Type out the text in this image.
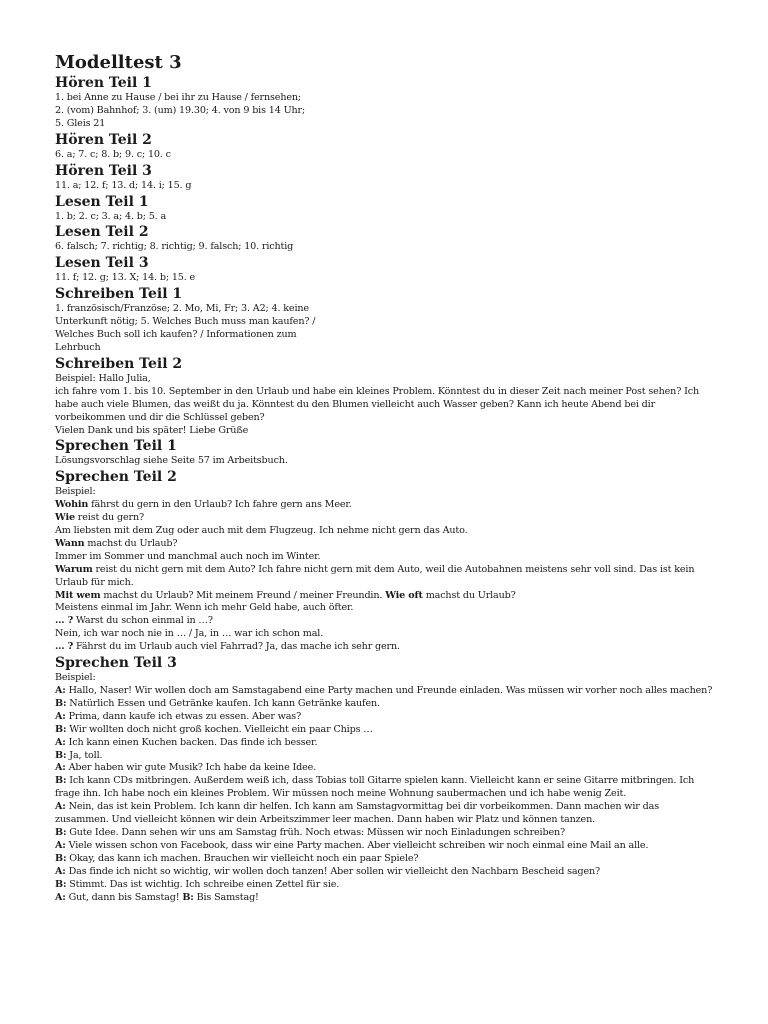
Modelltest 3
Hören Teil 1

1. bei Anne zu Hause / bei ihr zu Hause / fernsehen;

2. (vom) Bahnhof; 3. (um) 19.30; 4. von 9 bis 14 Uhr;

5. Gleis 21

Hören Teil 2

6. a; 7. c; 8. b; 9. c; 10. c

Hören Teil 3

11. a; 12. f; 13. d; 14. i; 15. g

Lesen Teil 1

1. b; 2. c; 3. a; 4. b; 5. a

Lesen Teil 2

6. falsch; 7. richtig; 8. richtig; 9. falsch; 10. richtig

Lesen Teil 3

11. f; 12. g; 13. X; 14. b; 15. e

Schreiben Teil 1

1. französisch/Französe; 2. Mo, Mi, Fr; 3. A2; 4. keine Unterkunft nötig; 5. Welches Buch muss man kaufen? / Welches Buch soll ich kaufen? / Informationen zum Lehrbuch

Schreiben Teil 2

Beispiel: Hallo Julia,

ich fahre vom 1. bis 10. September in den Urlaub und habe ein kleines Problem. Könntest du in dieser Zeit nach meiner Post sehen? Ich habe auch viele Blumen, das weißt du ja. Könntest du den Blumen vielleicht auch Wasser geben? Kann ich heute Abend bei dir vorbeikommen und dir die Schlüssel geben?

Vielen Dank und bis später! Liebe Grüße

Sprechen Teil 1

Lösungsvorschlag siehe Seite 57 im Arbeitsbuch.

Sprechen Teil 2

Beispiel:

Wohin fährst du gern in den Urlaub? Ich fahre gern ans Meer.

Wie reist du gern?

Am liebsten mit dem Zug oder auch mit dem Flugzeug. Ich nehme nicht gern das Auto.

Wann machst du Urlaub?

Immer im Sommer und manchmal auch noch im Winter.

Warum reist du nicht gern mit dem Auto? Ich fahre nicht gern mit dem Auto, weil die Autobahnen meistens sehr voll sind. Das ist kein Urlaub für mich.

Mit wem machst du Urlaub? Mit meinem Freund / meiner Freundin. Wie oft machst du Urlaub?

Meistens einmal im Jahr. Wenn ich mehr Geld habe, auch öfter.

… ? Warst du schon einmal in …?

Nein, ich war noch nie in … / Ja, in … war ich schon mal.

… ? Fährst du im Urlaub auch viel Fahrrad? Ja, das mache ich sehr gern.

Sprechen Teil 3

Beispiel:

A: Hallo, Naser! Wir wollen doch am Samstagabend eine Party machen und Freunde einladen. Was müssen wir vorher noch alles machen?

B: Natürlich Essen und Getränke kaufen. Ich kann Getränke kaufen.

A: Prima, dann kaufe ich etwas zu essen. Aber was?

B: Wir wollten doch nicht groß kochen. Vielleicht ein paar Chips …

A: Ich kann einen Kuchen backen. Das finde ich besser.

B: Ja, toll.

A: Aber haben wir gute Musik? Ich habe da keine Idee.

B: Ich kann CDs mitbringen. Außerdem weiß ich, dass Tobias toll Gitarre spielen kann. Vielleicht kann er seine Gitarre mitbringen. Ich frage ihn. Ich habe noch ein kleines Problem. Wir müssen noch meine Wohnung saubermachen und ich habe wenig Zeit.

A: Nein, das ist kein Problem. Ich kann dir helfen. Ich kann am Samstagvormittag bei dir vorbeikommen. Dann machen wir das zusammen. Und vielleicht können wir dein Arbeitszimmer leer machen. Dann haben wir Platz und können tanzen.

B: Gute Idee. Dann sehen wir uns am Samstag früh. Noch etwas: Müssen wir noch Einladungen schreiben?

A: Viele wissen schon von Facebook, dass wir eine Party machen. Aber vielleicht schreiben wir noch einmal eine Mail an alle.

B: Okay, das kann ich machen. Brauchen wir vielleicht noch ein paar Spiele?

A: Das finde ich nicht so wichtig, wir wollen doch tanzen! Aber sollen wir vielleicht den Nachbarn Bescheid sagen?

B: Stimmt. Das ist wichtig. Ich schreibe einen Zettel für sie.

A: Gut, dann bis Samstag! B: Bis Samstag!
